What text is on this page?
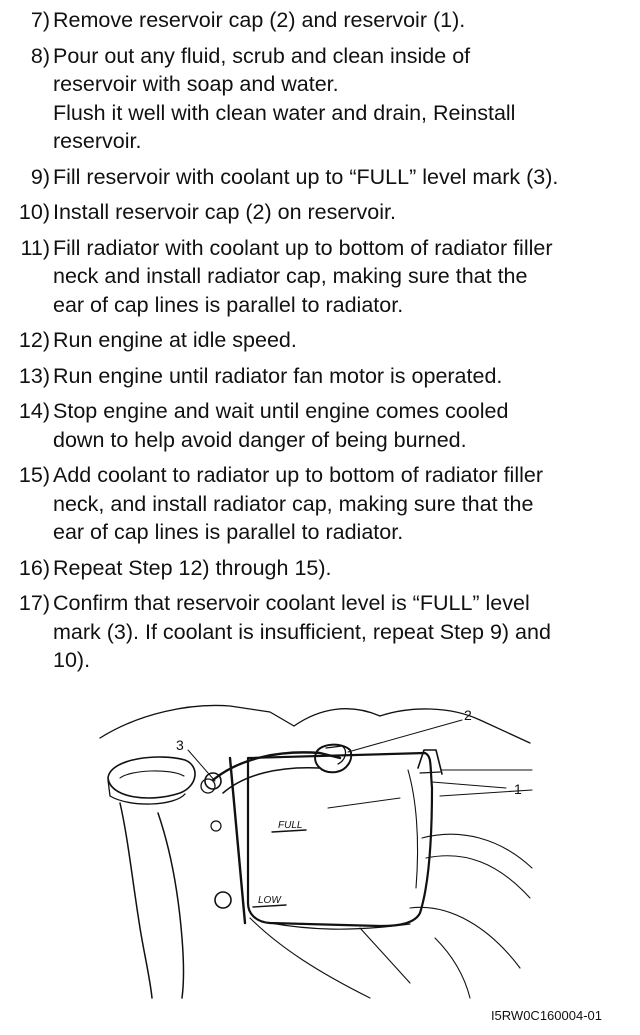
7) Remove reservoir cap (2) and reservoir (1).
8) Pour out any fluid, scrub and clean inside of
reservoir with soap and water.
Flush it well with clean water and drain, Reinstall
reservoir.
9) Fill reservoir with coolant up to “FULL” level mark (3).
10) Install reservoir cap (2) on reservoir.
11) Fill radiator with coolant up to bottom of radiator filler
neck and install radiator cap, making sure that the
ear of cap lines is parallel to radiator.
12) Run engine at idle speed.
13) Run engine until radiator fan motor is operated.
14) Stop engine and wait until engine comes cooled
down to help avoid danger of being burned.
15) Add coolant to radiator up to bottom of radiator filler
neck, and install radiator cap, making sure that the
ear of cap lines is parallel to radiator.
16) Repeat Step 12) through 15).
17) Confirm that reservoir coolant level is “FULL” level
mark (3). If coolant is insufficient, repeat Step 9) and
10).
FULL
LOW
3
2
1
I5RW0C160004-01
